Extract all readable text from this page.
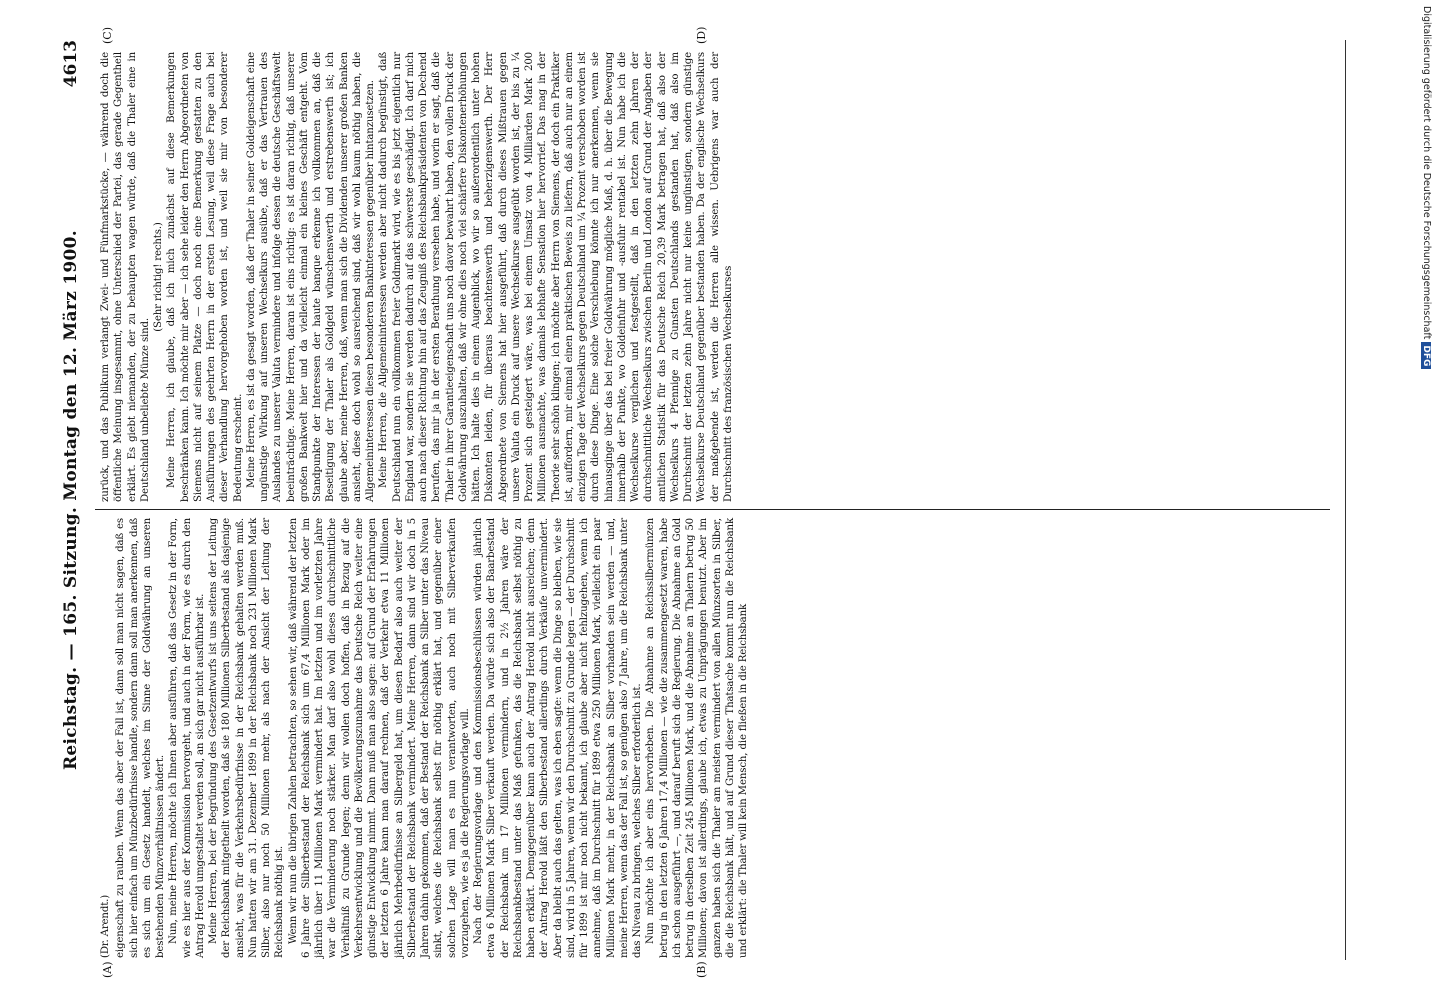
Reichstag. — 165. Sitzung. Montag den 12. März 1900.
4613
(A)	(B)
(C)	(D)

(Dr. Arendt.) eigenschaft zu rauben. Wenn das aber der Fall ist, dann soll man nicht sagen, daß es sich hier einfach um Münzbedürfnisse handle, sondern dann soll man anerkennen, daß es sich um ein Gesetz handelt, welches im Sinne der Goldwährung an unseren bestehenden Münzverhältnissen ändert. Nun, meine Herren, möchte ich Ihnen aber ausführen, daß das Gesetz in der Form, wie es hier aus der Kommission hervorgeht, und auch in der Form, wie es durch den Antrag Herold umgestaltet werden soll, an sich gar nicht ausführbar ist. Meine Herren, bei der Begründung des Gesetzentwurfs ist uns seitens der Leitung der Reichsbank mitgetheilt worden, daß sie 180 Millionen Silberbestand als dasjenige ansieht, was für die Verkehrsbedürfnisse in der Reichsbank gehalten werden muß. Nun hatten wir am 31. Dezember 1899 in der Reichsbank noch 231 Millionen Mark Silber, also nur noch 50 Millionen mehr, als nach der Ansicht der Leitung der Reichsbank nöthig ist. Wenn wir nun die übrigen Zahlen betrachten, so sehen wir, daß während der letzten 6 Jahre der Silberbestand der Reichsbank sich um 67,4 Millionen Mark oder im jährlich über 11 Millionen Mark vermindert hat. Im letzten und im vorletzten Jahre war die Verminderung noch stärker. Man darf also wohl dieses durchschnittliche Verhältniß zu Grunde legen; denn wir wollen doch hoffen, daß in Bezug auf die Verkehrsentwicklung und die Bevölkerungszunahme das Deutsche Reich weiter eine günstige Entwicklung nimmt. Dann muß man also sagen: auf Grund der Erfahrungen der letzten 6 Jahre kann man darauf rechnen, daß der Verkehr etwa 11 Millionen jährlich Mehrbedürfnisse an Silbergeld hat, um diesen Bedarf also auch weiter der Silberbestand der Reichsbank vermindert. Meine Herren, dann sind wir doch in 5 Jahren dahin gekommen, daß der Bestand der Reichsbank an Silber unter das Niveau sinkt, welches die Reichsbank selbst für nöthig erklärt hat, und gegenüber einer solchen Lage will man es nun verantworten, auch noch mit Silberverkaufen vorzugehen, wie es ja die Regierungsvorlage will. Nach der Regierungsvorlage und den Kommissionsbeschlüssen würden jährlich etwa 6 Millionen Mark Silber verkauft werden. Da würde sich also der Baarbestand der Reichsbank um 17 Millionen vermindern, und in 2½ Jahren wäre der Reichsbankbestand unter das Maß gefunken, das die Reichsbank selbst nöthig zu haben erklärt. Demgegenüber kann auch der Antrag Herold nicht ausreichen; denn der Antrag Herold läßt den Silberbestand allerdings durch Verkäufe unvermindert. Aber da bleibt auch das gelten, was ich eben sagte: wenn die Dinge so bleiben, wie sie sind, wird in 5 Jahren, wenn wir den Durchschnitt zu Grunde legen — der Durchschnitt für 1899 ist mir noch nicht bekannt, ich glaube aber nicht fehlzugehen, wenn ich annehme, daß im Durchschnitt für 1899 etwa 250 Millionen Mark, vielleicht ein paar Millionen Mark mehr, in der Reichsbank an Silber vorhanden sein werden — und, meine Herren, wenn das der Fall ist, so genügen also 7 Jahre, um die Reichsbank unter das Niveau zu bringen, welches Silber erforderlich ist. Nun möchte ich aber eins hervorheben. Die Abnahme an Reichssilbermünzen betrug in den letzten 6 Jahren 17,4 Millionen — wie die zusammengesetzt waren, habe ich schon ausgeführt —, und darauf beruft sich die Regierung. Die Abnahme an Gold betrug in derselben Zeit 245 Millionen Mark, und die Abnahme an Thalern betrug 50 Millionen; davon ist allerdings, glaube ich, etwas zu Umprägungen benutzt. Aber im ganzen haben sich die Thaler am meisten vermindert von allen Münzsorten in Silber, die die Reichsbank hält, und auf Grund dieser Thatsache kommt nun die Reichsbank und erklärt: die Thaler will kein Mensch, die fließen in die Reichsbank

zurück, und das Publikum verlangt Zwei- und Fünfmarkstücke, — während doch die öffentliche Meinung insgesammt, ohne Unterschied der Partei, das gerade Gegentheil erklärt. Es giebt niemanden, der zu behaupten wagen würde, daß die Thaler eine in Deutschland unbeliebte Münze sind.

(Sehr richtig! rechts.) Meine Herren, ich glaube, daß ich mich zunächst auf diese Bemerkungen beschränken kann. Ich möchte mir aber — ich sehe leider den Herrn Abgeordneten von Siemens nicht auf seinem Platze — doch noch eine Bemerkung gestatten zu den Ausführungen des geehrten Herrn in der ersten Lesung, weil diese Frage auch bei dieser Verhandlung hervorgehoben worden ist, und weil sie mir von besonderer Bedeutung erscheint. Meine Herren, es ist da gesagt worden, daß der Thaler in seiner Goldeigenschaft eine ungünstige Wirkung auf unseren Wechselkurs ausübe, daß er das Vertrauen des Auslandes zu unserer Valuta vermindere und infolge dessen die deutsche Geschäftswelt beeinträchtige. Meine Herren, daran ist eins richtig: es ist daran richtig, daß unserer großen Bankwelt hier und da vielleicht einmal ein kleines Geschäft entgeht. Vom Standpunkte der Interessen der haute banque erkenne ich vollkommen an, daß die Beseitigung der Thaler als Goldgeld wünschenswerth und erstrebenswerth ist; ich glaube aber, meine Herren, daß, wenn man sich die Dividenden unserer großen Banken ansieht, diese doch wohl so ausreichend sind, daß wir wohl kaum nöthig haben, die Allgemeininteressen diesen besonderen Bankinteressen gegenüber hintanzusetzen. Meine Herren, die Allgemeininteressen werden aber nicht dadurch begünstigt, daß Deutschland nun ein vollkommen freier Goldmarkt wird, wie es bis jetzt eigentlich nur England war, sondern sie werden dadurch auf das schwerste geschädigt. Ich darf mich auch nach dieser Richtung hin auf das Zeugniß des Reichsbankpräsidenten von Dechend berufen, das mir ja in der ersten Berathung versehen habe, und worin er sagt, daß die Thaler in ihrer Garantieeigenschaft uns noch davor bewahrt haben, den vollen Druck der Goldwährung auszuhalten, daß wir ohne dies noch viel schärfere Diskontenerhöhungen hätten. Ich halte dies in einem Augenblick, wo wir so außerordentlich unter hohen Diskonten leiden, für überaus beachtenswerth und beherzigenswerth. Der Herr Abgeordnete von Siemens hat hier ausgeführt, daß durch dieses Mißtrauen gegen unsere Valuta ein Druck auf unsere Wechselkurse ausgeübt worden ist, der bis zu ¼ Prozent sich gesteigert wäre, was bei einem Umsatz von 4 Milliarden Mark 200 Millionen ausmachte, was damals lebhafte Sensation hier hervorrief. Das mag in der Theorie sehr schön klingen; ich möchte aber Herrn von Siemens, der doch ein Praktiker ist, auffordern, mir einmal einen praktischen Beweis zu liefern, daß auch nur an einem einzigen Tage der Wechselkurs gegen Deutschland um ¼ Prozent verschoben worden ist durch diese Dinge. Eine solche Verschiebung könnte ich nur anerkennen, wenn sie hinausginge über das bei freier Goldwährung mögliche Maß, d. h. über die Bewegung innerhalb der Punkte, wo Goldeinfuhr und -ausfuhr rentabel ist. Nun habe ich die Wechselkurse verglichen und festgestellt, daß in den letzten zehn Jahren der durchschnittliche Wechselkurs zwischen Berlin und London auf Grund der Angaben der amtlichen Statistik für das Deutsche Reich 20,39 Mark betragen hat, daß also der Wechselkurs 4 Pfennige zu Gunsten Deutschlands gestanden hat, daß also im Durchschnitt der letzten zehn Jahre nicht nur keine ungünstigen, sondern günstige Wechselkurse Deutschland gegenüber bestanden haben. Da der englische Wechselkurs der maßgebende ist, werden die Herren alle wissen. Uebrigens war auch der Durchschnitt des französischen Wechselkurses

Digitalisierung gefördert durch die Deutsche Forschungsgemeinschaft DFG
